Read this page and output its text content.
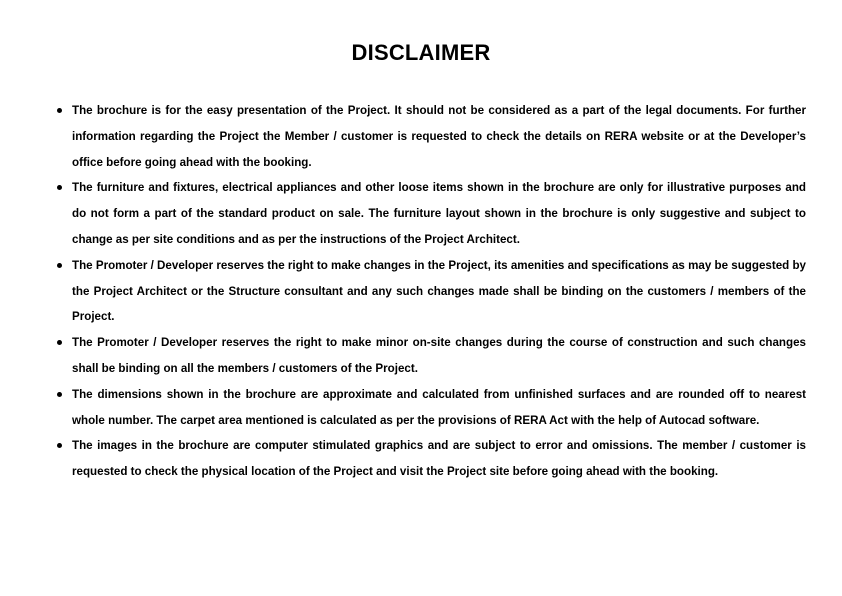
DISCLAIMER
The brochure is for the easy presentation of the Project. It should not be considered as a part of the legal documents. For further information regarding the Project the Member / customer is requested to check the details on RERA website or at the Developer’s office before going ahead with the booking.
The furniture and fixtures, electrical appliances and other loose items shown in the brochure are only for illustrative purposes and do not form a part of the standard product on sale. The furniture layout shown in the brochure is only suggestive and subject to change as per site conditions and as per the instructions of the Project Architect.
The Promoter / Developer reserves the right to make changes in the Project, its amenities and specifications as may be suggested by the Project Architect or the Structure consultant and any such changes made shall be binding on the customers / members of the Project.
The Promoter / Developer reserves the right to make minor on-site changes during the course of construction and such changes shall be binding on all the members / customers of the Project.
The dimensions shown in the brochure are approximate and calculated from unfinished surfaces and are rounded off to nearest whole number. The carpet area mentioned is calculated as per the provisions of RERA Act with the help of Autocad software.
The images in the brochure are computer stimulated graphics and are subject to error and omissions. The member / customer is requested to check the physical location of the Project and visit the Project site before going ahead with the booking.
